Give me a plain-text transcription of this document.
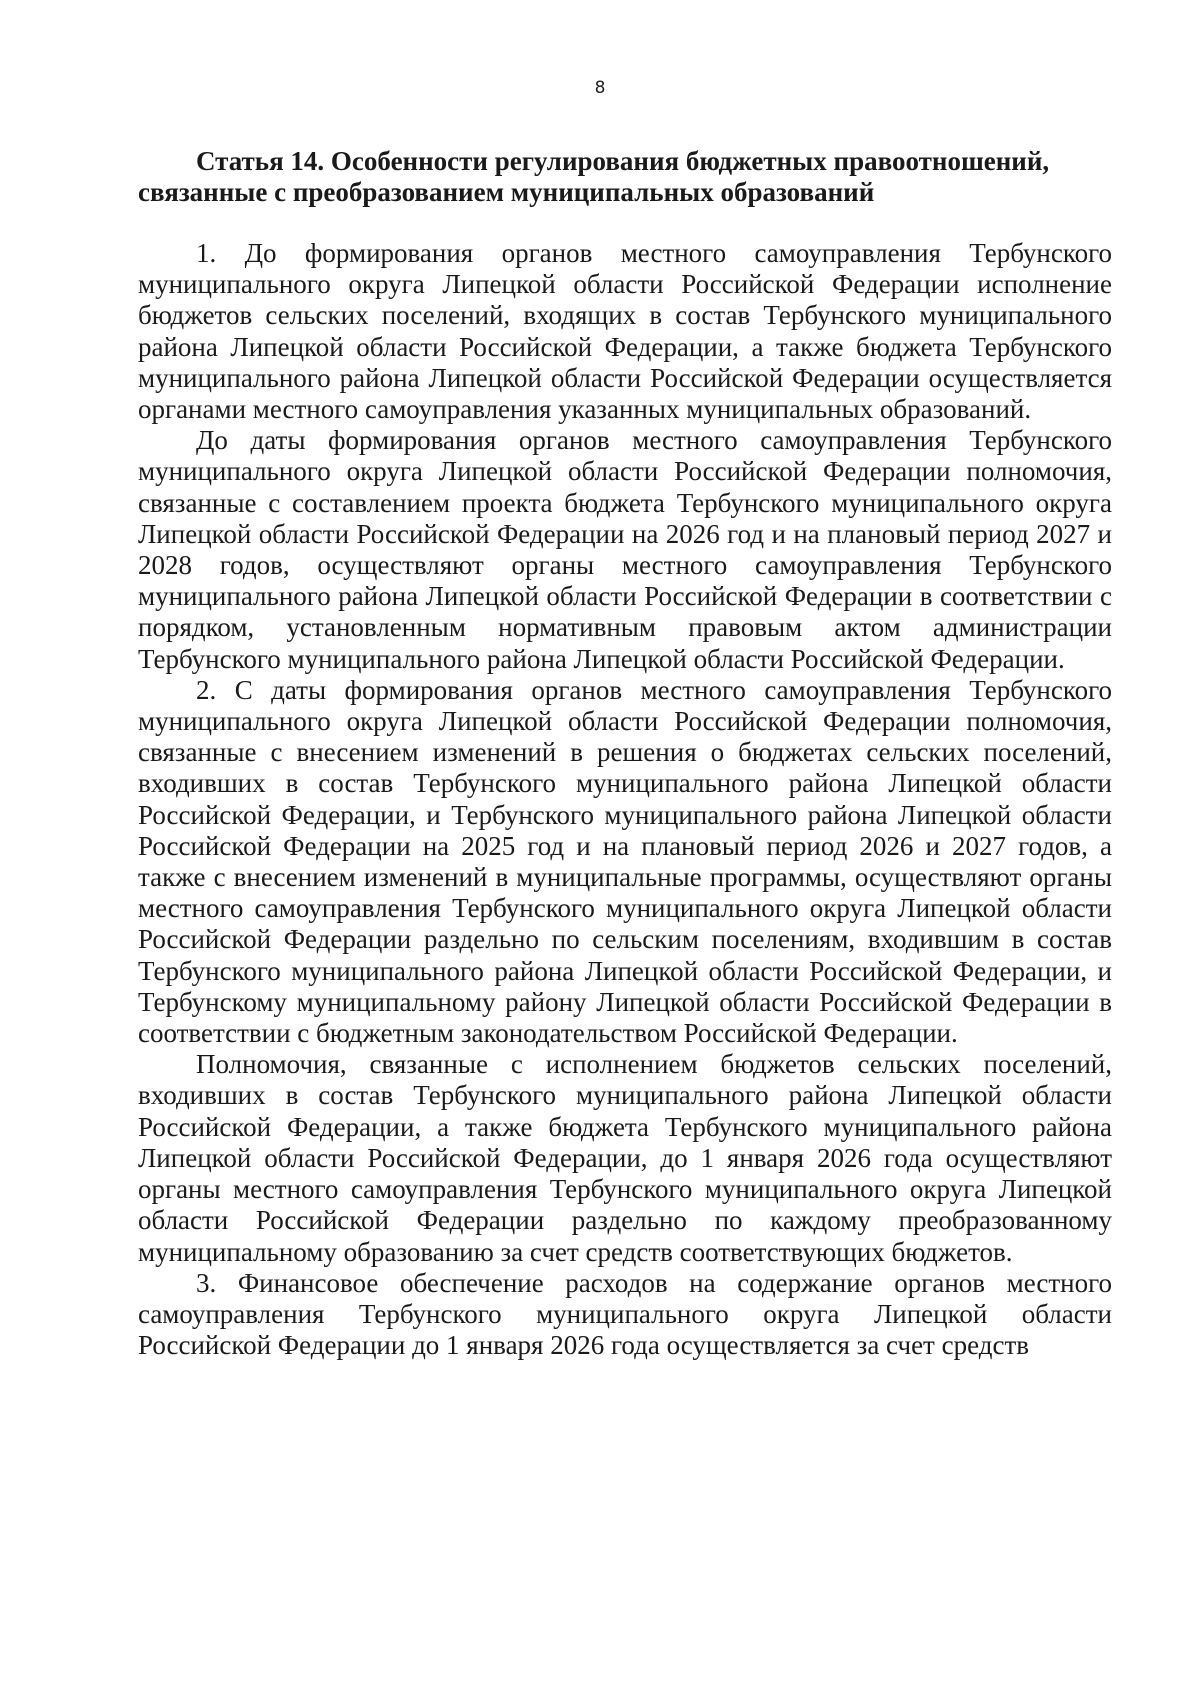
8

Статья 14. Особенности регулирования бюджетных правоотношений, связанные с преобразованием муниципальных образований

1. До формирования органов местного самоуправления Тербунского муниципального округа Липецкой области Российской Федерации исполнение бюджетов сельских поселений, входящих в состав Тербунского муниципального района Липецкой области Российской Федерации, а также бюджета Тербунского муниципального района Липецкой области Российской Федерации осуществляется органами местного самоуправления указанных муниципальных образований.

До даты формирования органов местного самоуправления Тербунского муниципального округа Липецкой области Российской Федерации полномочия, связанные с составлением проекта бюджета Тербунского муниципального округа Липецкой области Российской Федерации на 2026 год и на плановый период 2027 и 2028 годов, осуществляют органы местного самоуправления Тербунского муниципального района Липецкой области Российской Федерации в соответствии с порядком, установленным нормативным правовым актом администрации Тербунского муниципального района Липецкой области Российской Федерации.

2. С даты формирования органов местного самоуправления Тербунского муниципального округа Липецкой области Российской Федерации полномочия, связанные с внесением изменений в решения о бюджетах сельских поселений, входивших в состав Тербунского муниципального района Липецкой области Российской Федерации, и Тербунского муниципального района Липецкой области Российской Федерации на 2025 год и на плановый период 2026 и 2027 годов, а также с внесением изменений в муниципальные программы, осуществляют органы местного самоуправления Тербунского муниципального округа Липецкой области Российской Федерации раздельно по сельским поселениям, входившим в состав Тербунского муниципального района Липецкой области Российской Федерации, и Тербунскому муниципальному району Липецкой области Российской Федерации в соответствии с бюджетным законодательством Российской Федерации.

Полномочия, связанные с исполнением бюджетов сельских поселений, входивших в состав Тербунского муниципального района Липецкой области Российской Федерации, а также бюджета Тербунского муниципального района Липецкой области Российской Федерации, до 1 января 2026 года осуществляют органы местного самоуправления Тербунского муниципального округа Липецкой области Российской Федерации раздельно по каждому преобразованному муниципальному образованию за счет средств соответствующих бюджетов.

3. Финансовое обеспечение расходов на содержание органов местного самоуправления Тербунского муниципального округа Липецкой области Российской Федерации до 1 января 2026 года осуществляется за счет средств
